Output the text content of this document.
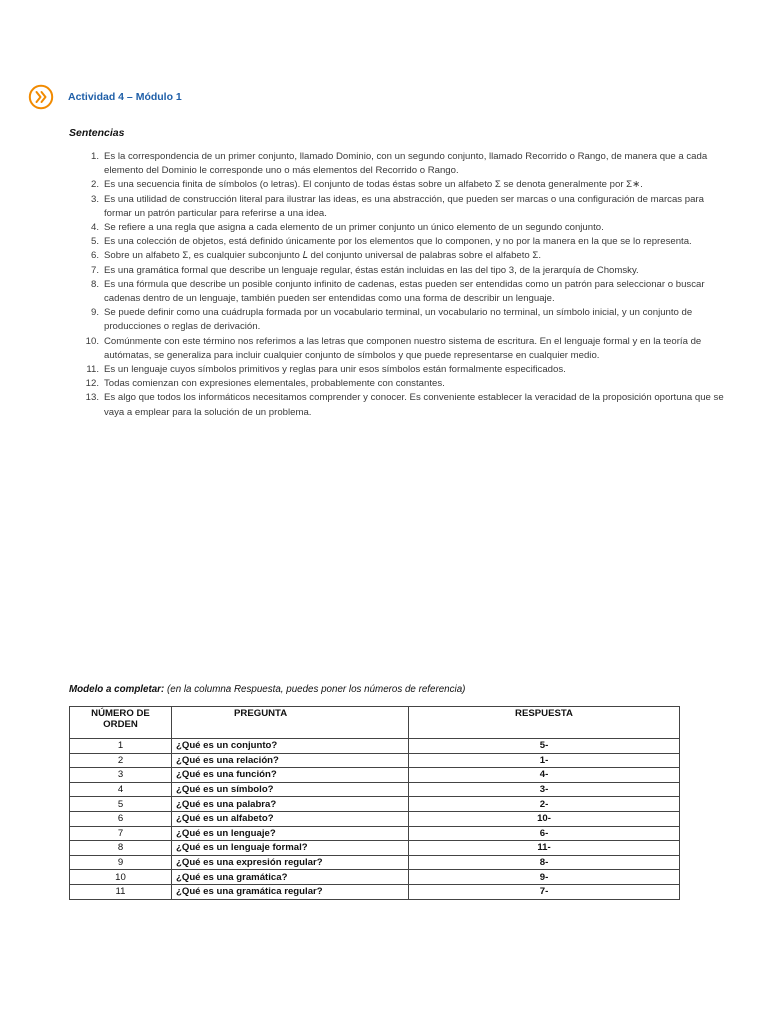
Actividad 4 – Módulo 1
Sentencias
Es la correspondencia de un primer conjunto, llamado Dominio, con un segundo conjunto, llamado Recorrido o Rango, de manera que a cada elemento del Dominio le corresponde uno o más elementos del Recorrido o Rango.
Es una secuencia finita de símbolos (o letras). El conjunto de todas éstas sobre un alfabeto Σ se denota generalmente por Σ∗.
Es una utilidad de construcción literal para ilustrar las ideas, es una abstracción, que pueden ser marcas o una configuración de marcas para formar un patrón particular para referirse a una idea.
Se refiere a una regla que asigna a cada elemento de un primer conjunto un único elemento de un segundo conjunto.
Es una colección de objetos, está definido únicamente por los elementos que lo componen, y no por la manera en la que se lo representa.
Sobre un alfabeto Σ, es cualquier subconjunto 𝐿 del conjunto universal de palabras sobre el alfabeto Σ.
Es una gramática formal que describe un lenguaje regular, éstas están incluidas en las del tipo 3, de la jerarquía de Chomsky.
Es una fórmula que describe un posible conjunto infinito de cadenas, estas pueden ser entendidas como un patrón para seleccionar o buscar cadenas dentro de un lenguaje, también pueden ser entendidas como una forma de describir un lenguaje.
Se puede definir como una cuádrupla formada por un vocabulario terminal, un vocabulario no terminal, un símbolo inicial, y un conjunto de producciones o reglas de derivación.
Comúnmente con este término nos referimos a las letras que componen nuestro sistema de escritura. En el lenguaje formal y en la teoría de autómatas, se generaliza para incluir cualquier conjunto de símbolos y que puede representarse en cualquier medio.
Es un lenguaje cuyos símbolos primitivos y reglas para unir esos símbolos están formalmente especificados.
Todas comienzan con expresiones elementales, probablemente con constantes.
Es algo que todos los informáticos necesitamos comprender y conocer. Es conveniente establecer la veracidad de la proposición oportuna que se vaya a emplear para la solución de un problema.
Modelo a completar: (en la columna Respuesta, puedes poner los números de referencia)
NÚMERO DE ORDEN	PREGUNTA	RESPUESTA
1	¿Qué es un conjunto?	5-
2	¿Qué es una relación?	1-
3	¿Qué es una función?	4-
4	¿Qué es un símbolo?	3-
5	¿Qué es una palabra?	2-
6	¿Qué es un alfabeto?	10-
7	¿Qué es un lenguaje?	6-
8	¿Qué es un lenguaje formal?	11-
9	¿Qué es una expresión regular?	8-
10	¿Qué es una gramática?	9-
11	¿Qué es una gramática regular?	7-
